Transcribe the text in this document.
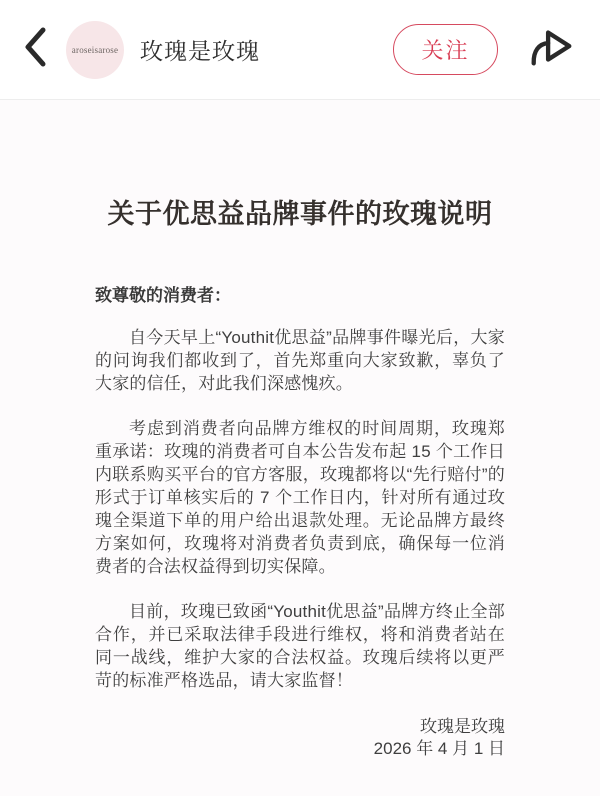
aroseisarose 玫瑰是玫瑰	关注
关于优思益品牌事件的玫瑰说明
致尊敬的消费者：

自今天早上“Youthit优思益”品牌事件曝光后，大家的问询我们都收到了，首先郑重向大家致歉，辜负了大家的信任，对此我们深感愧疚。

考虑到消费者向品牌方维权的时间周期，玫瑰郑重承诺：玫瑰的消费者可自本公告发布起 15 个工作日内联系购买平台的官方客服，玫瑰都将以“先行赔付”的形式于订单核实后的 7 个工作日内，针对所有通过玫瑰全渠道下单的用户给出退款处理。无论品牌方最终方案如何，玫瑰将对消费者负责到底，确保每一位消费者的合法权益得到切实保障。

目前，玫瑰已致函“Youthit优思益”品牌方终止全部合作，并已采取法律手段进行维权，将和消费者站在同一战线，维护大家的合法权益。玫瑰后续将以更严苛的标准严格选品，请大家监督！

玫瑰是玫瑰
2026 年 4 月 1 日
